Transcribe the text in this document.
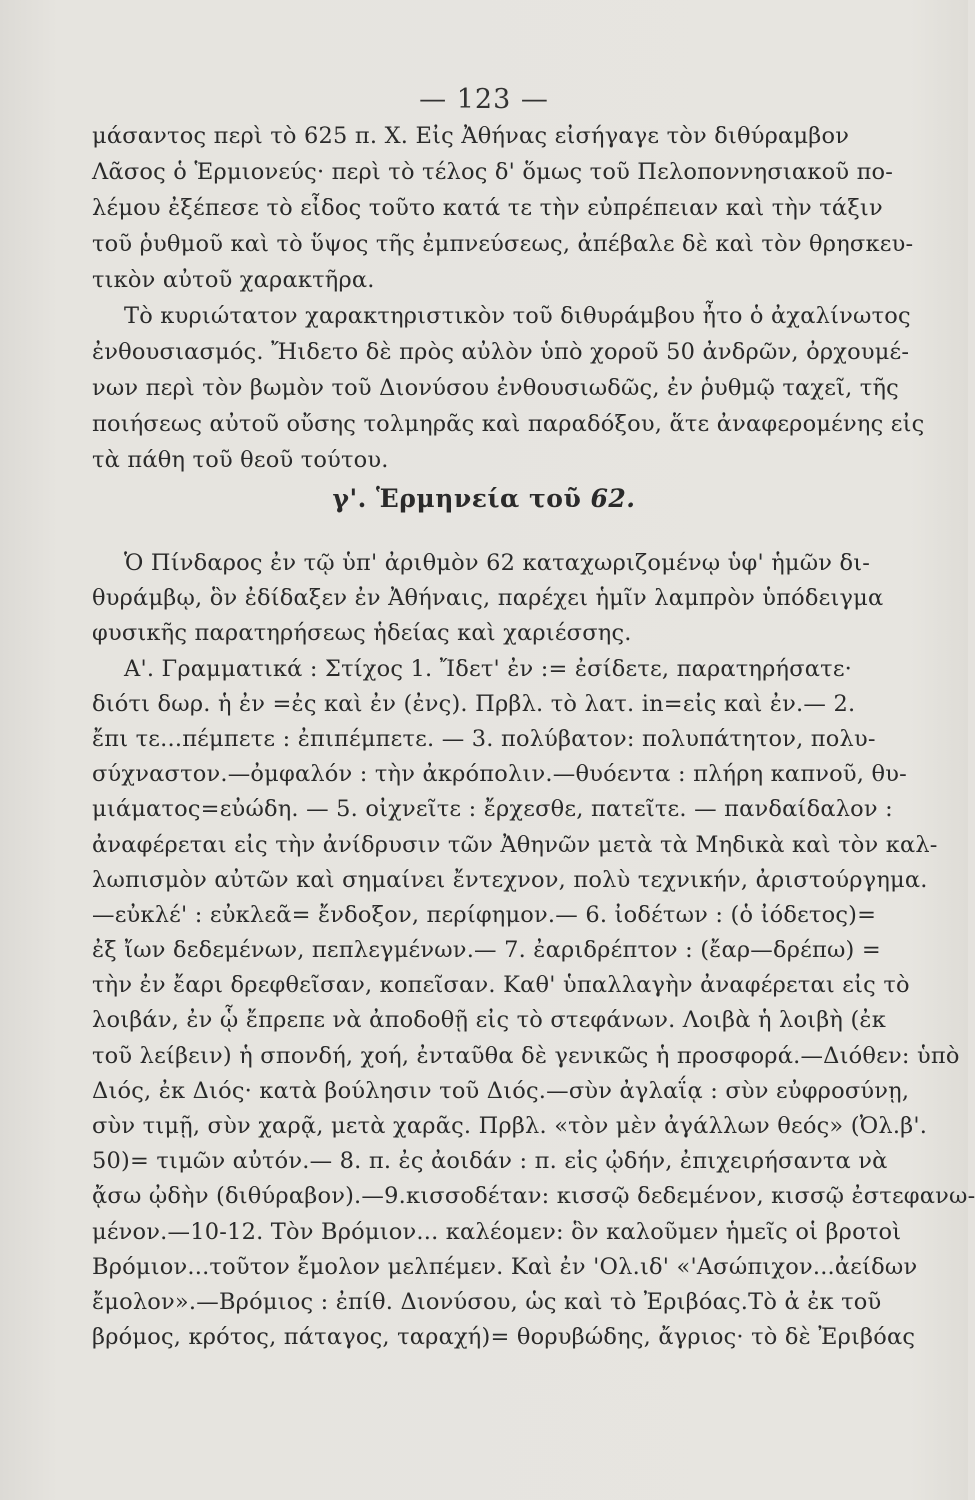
— 123 —
μάσαντος περὶ τὸ 625 π. Χ. Εἰς Ἀθήνας εἰσήγαγε τὸν διθύραμβον
Λᾶσος ὁ Ἑρμιονεύς· περὶ τὸ τέλος δ' ὅμως τοῦ Πελοποννησιακοῦ πο-
λέμου ἐξέπεσε τὸ εἶδος τοῦτο κατά τε τὴν εὐπρέπειαν καὶ τὴν τάξιν
τοῦ ῥυθμοῦ καὶ τὸ ὕψος τῆς ἐμπνεύσεως, ἀπέβαλε δὲ καὶ τὸν θρησκευ-
τικὸν αὐτοῦ χαρακτῆρα.
Τὸ κυριώτατον χαρακτηριστικὸν τοῦ διθυράμβου ἦτο ὁ ἀχαλίνωτος
ἐνθουσιασμός. Ἤιδετο δὲ πρὸς αὐλὸν ὑπὸ χοροῦ 50 ἀνδρῶν, ὀρχουμέ-
νων περὶ τὸν βωμὸν τοῦ Διονύσου ἐνθουσιωδῶς, ἐν ῥυθμῷ ταχεῖ, τῆς
ποιήσεως αὐτοῦ οὔσης τολμηρᾶς καὶ παραδόξου, ἅτε ἀναφερομένης εἰς
τὰ πάθη τοῦ θεοῦ τούτου.
γ'. Ἑρμηνεία τοῦ 62.
Ὁ Πίνδαρος ἐν τῷ ὑπ' ἀριθμὸν 62 καταχωριζομένῳ ὑφ' ἡμῶν δι-
θυράμβῳ, ὃν ἐδίδαξεν ἐν Ἀθήναις, παρέχει ἡμῖν λαμπρὸν ὑπόδειγμα
φυσικῆς παρατηρήσεως ἡδείας καὶ χαριέσσης.
Α'. Γραμματικά : Στίχος 1. Ἴδετ' ἐν := ἐσίδετε, παρατηρήσατε·
διότι δωρ. ἡ ἐν =ἐς καὶ ἐν (ἐνς). Πρβλ. τὸ λατ. in=εἰς καὶ ἐν.— 2.
ἔπι τε...πέμπετε : ἐπιπέμπετε. — 3. πολύβατον: πολυπάτητον, πολυ-
σύχναστον.—ὀμφαλόν : τὴν ἀκρόπολιν.—θυόεντα : πλήρη καπνοῦ, θυ-
μιάματος=εὐώδη. — 5. οἰχνεῖτε : ἔρχεσθε, πατεῖτε. — πανδαίδαλον :
ἀναφέρεται εἰς τὴν ἀνίδρυσιν τῶν Ἀθηνῶν μετὰ τὰ Μηδικὰ καὶ τὸν καλ-
λωπισμὸν αὐτῶν καὶ σημαίνει ἔντεχνον, πολὺ τεχνικήν, ἀριστούργημα.
—εὐκλέ' : εὐκλεᾶ= ἔνδοξον, περίφημον.— 6. ἰοδέτων : (ὁ ἰόδετος)=
ἐξ ἴων δεδεμένων, πεπλεγμένων.— 7. ἐαριδρέπτον : (ἔαρ—δρέπω) =
τὴν ἐν ἔαρι δρεφθεῖσαν, κοπεῖσαν. Καθ' ὑπαλλαγὴν ἀναφέρεται εἰς τὸ
λοιβάν, ἐν ᾧ ἔπρεπε νὰ ἀποδοθῇ εἰς τὸ στεφάνων. Λοιβὰ ἡ λοιβὴ (ἐκ
τοῦ λείβειν) ἡ σπονδή, χοή, ἐνταῦθα δὲ γενικῶς ἡ προσφορά.—Διόθεν: ὑπὸ
Διός, ἐκ Διός· κατὰ βούλησιν τοῦ Διός.—σὺν ἀγλαΐᾳ : σὺν εὐφροσύνῃ,
σὺν τιμῇ, σὺν χαρᾷ, μετὰ χαρᾶς. Πρβλ. «τὸν μὲν ἀγάλλων θεός» (Ὀλ.β'.
50)= τιμῶν αὐτόν.— 8. π. ἐς ἀοιδάν : π. εἰς ᾠδήν, ἐπιχειρήσαντα νὰ
ᾄσω ᾠδὴν (διθύραβον).—9.κισσοδέταν: κισσῷ δεδεμένον, κισσῷ ἐστεφανω-
μένον.—10-12. Τὸν Βρόμιον... καλέομεν: ὃν καλοῦμεν ἡμεῖς οἱ βροτοὶ
Βρόμιον...τοῦτον ἔμολον μελπέμεν. Καὶ ἐν 'Ολ.ιδ' «'Ασώπιχον...ἀείδων
ἔμολον».—Βρόμιος : ἐπίθ. Διονύσου, ὡς καὶ τὸ Ἐριβόας.Τὸ ἀ ἐκ τοῦ
βρόμος, κρότος, πάταγος, ταραχή)= θορυβώδης, ἄγριος· τὸ δὲ Ἐριβόας
